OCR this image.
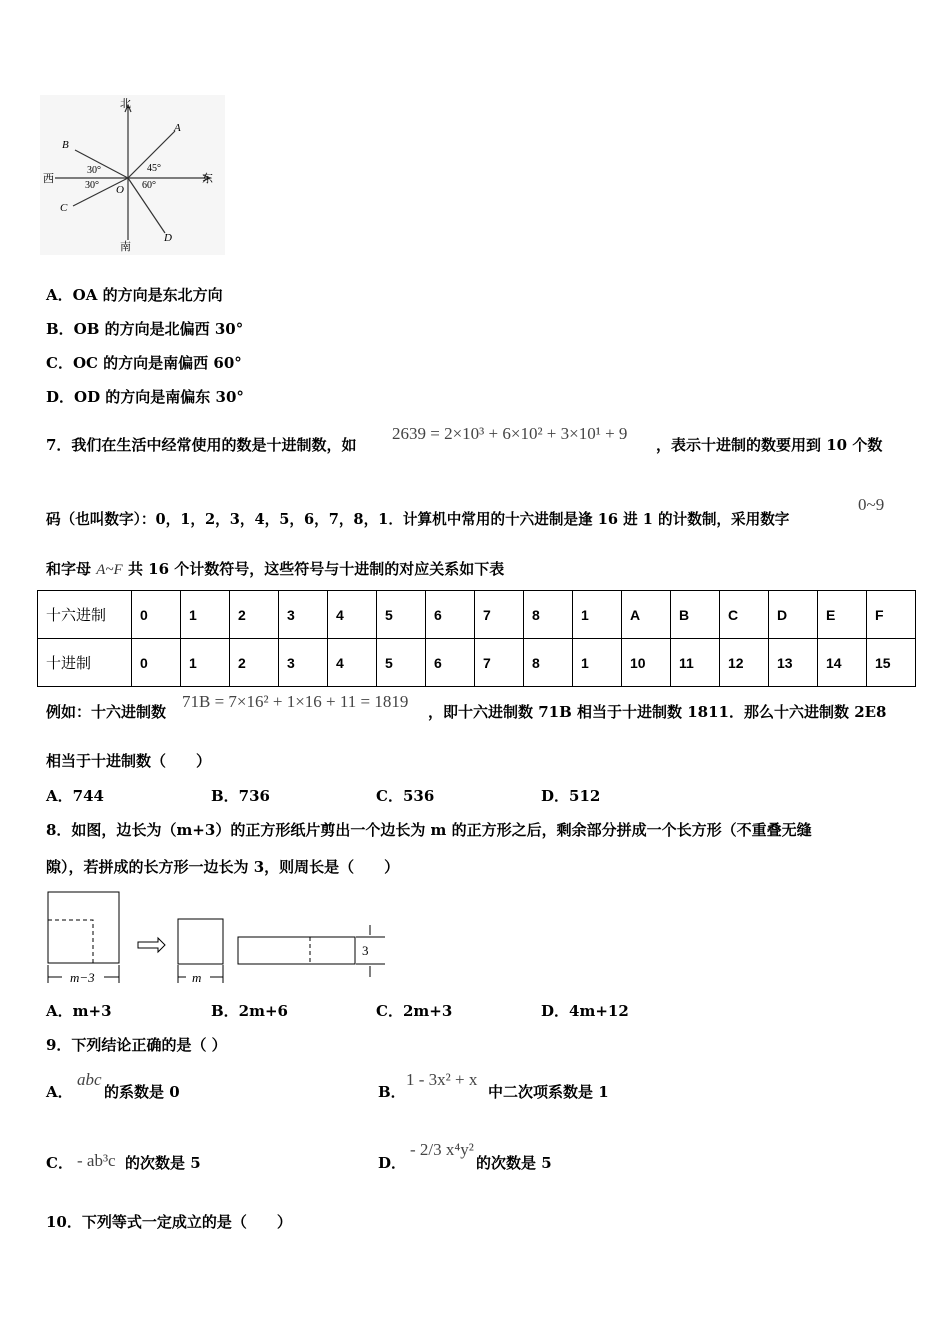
北
南
东
西
A
B
C
D
O
30°
30°
45°
60°
A．OA 的方向是东北方向
B．OB 的方向是北偏西 30°
C．OC 的方向是南偏西 60°
D．OD 的方向是南偏东 30°
7．我们在生活中经常使用的数是十进制数，如
2639 = 2×10³ + 6×10² + 3×10¹ + 9
，表示十进制的数要用到 10 个数
码（也叫数字）：0，1，2，3，4，5，6，7，8，1．计算机中常用的十六进制是逢 16 进 1 的计数制，采用数字
0~9
和字母 A~F 共 16 个计数符号，这些符号与十进制的对应关系如下表
十六进制	0	1	2	3	4	5	6	7	8	1	A	B	C	D	E	F
十进制	0	1	2	3	4	5	6	7	8	1	10	11	12	13	14	15
例如：十六进制数
71B = 7×16² + 1×16 + 11 = 1819
，即十六进制数 71B 相当于十进制数 1811．那么十六进制数 2E8
相当于十进制数（　　）
A．744	B．736	C．536	D．512
8．如图，边长为（m+3）的正方形纸片剪出一个边长为 m 的正方形之后，剩余部分拼成一个长方形（不重叠无缝
隙），若拼成的长方形一边长为 3，则周长是（　　）
m−3	m
3
A．m+3	B．2m+6	C．2m+3	D．4m+12
9．下列结论正确的是（ ）
A．
abc
的系数是 0	B．
1 - 3x² + x
中二次项系数是 1
C． - ab³c 的次数是 5	D．
- 2/3 x⁴y²
的次数是 5
10．下列等式一定成立的是（　　）
